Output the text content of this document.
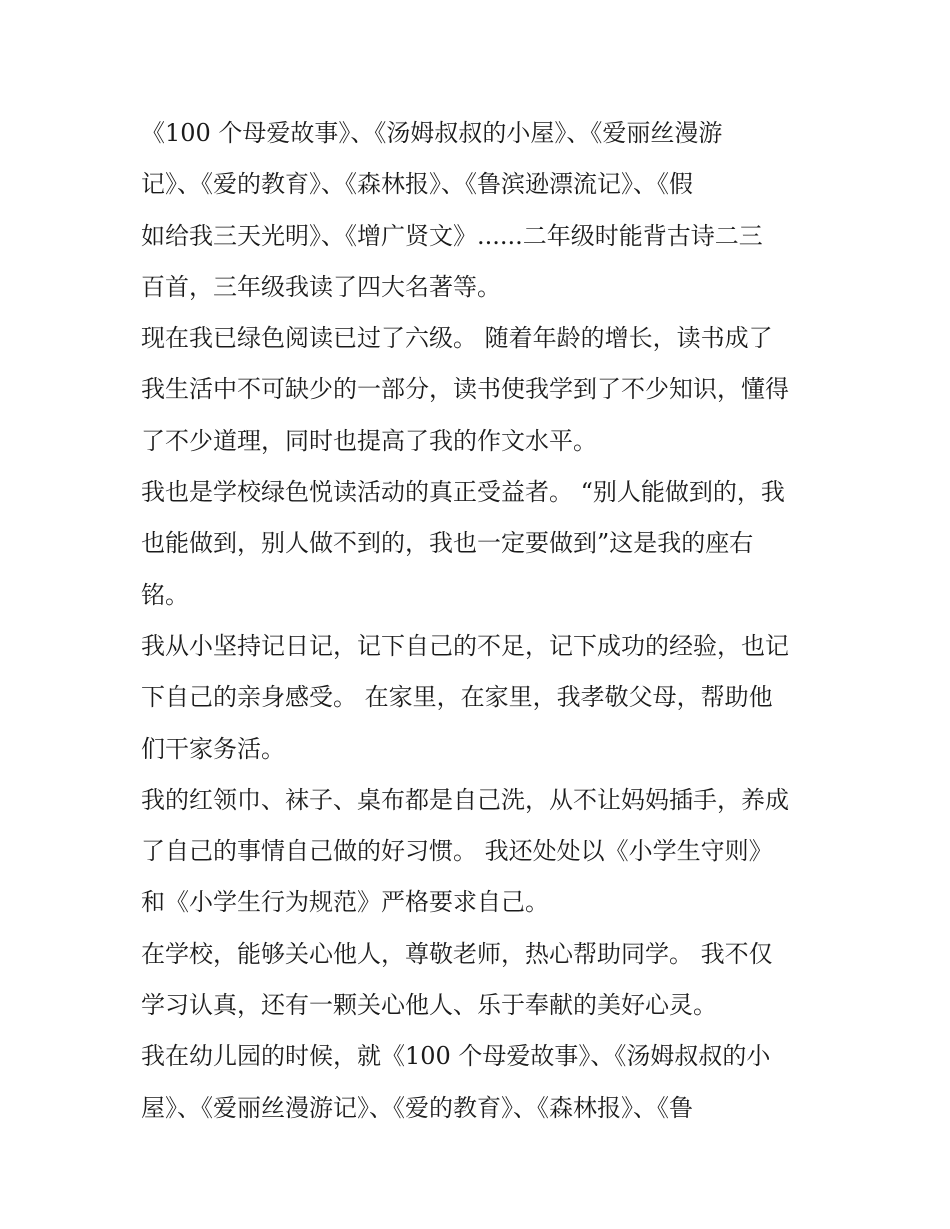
《100 个母爱故事》、《汤姆叔叔的小屋》、《爱丽丝漫游
记》、《爱的教育》、《森林报》、《鲁滨逊漂流记》、《假
如给我三天光明》、《增广贤文》......二年级时能背古诗二三
百首，三年级我读了四大名著等。
现在我已绿色阅读已过了六级。 随着年龄的增长，读书成了
我生活中不可缺少的一部分，读书使我学到了不少知识，懂得
了不少道理，同时也提高了我的作文水平。
我也是学校绿色悦读活动的真正受益者。 “别人能做到的，我
也能做到，别人做不到的，我也一定要做到”这是我的座右
铭。
我从小坚持记日记，记下自己的不足，记下成功的经验，也记
下自己的亲身感受。 在家里，在家里，我孝敬父母，帮助他
们干家务活。
我的红领巾、袜子、桌布都是自己洗，从不让妈妈插手，养成
了自己的事情自己做的好习惯。 我还处处以《小学生守则》
和《小学生行为规范》严格要求自己。
在学校，能够关心他人，尊敬老师，热心帮助同学。 我不仅
学习认真，还有一颗关心他人、乐于奉献的美好心灵。
我在幼儿园的时候，就《100 个母爱故事》、《汤姆叔叔的小
屋》、《爱丽丝漫游记》、《爱的教育》、《森林报》、《鲁
